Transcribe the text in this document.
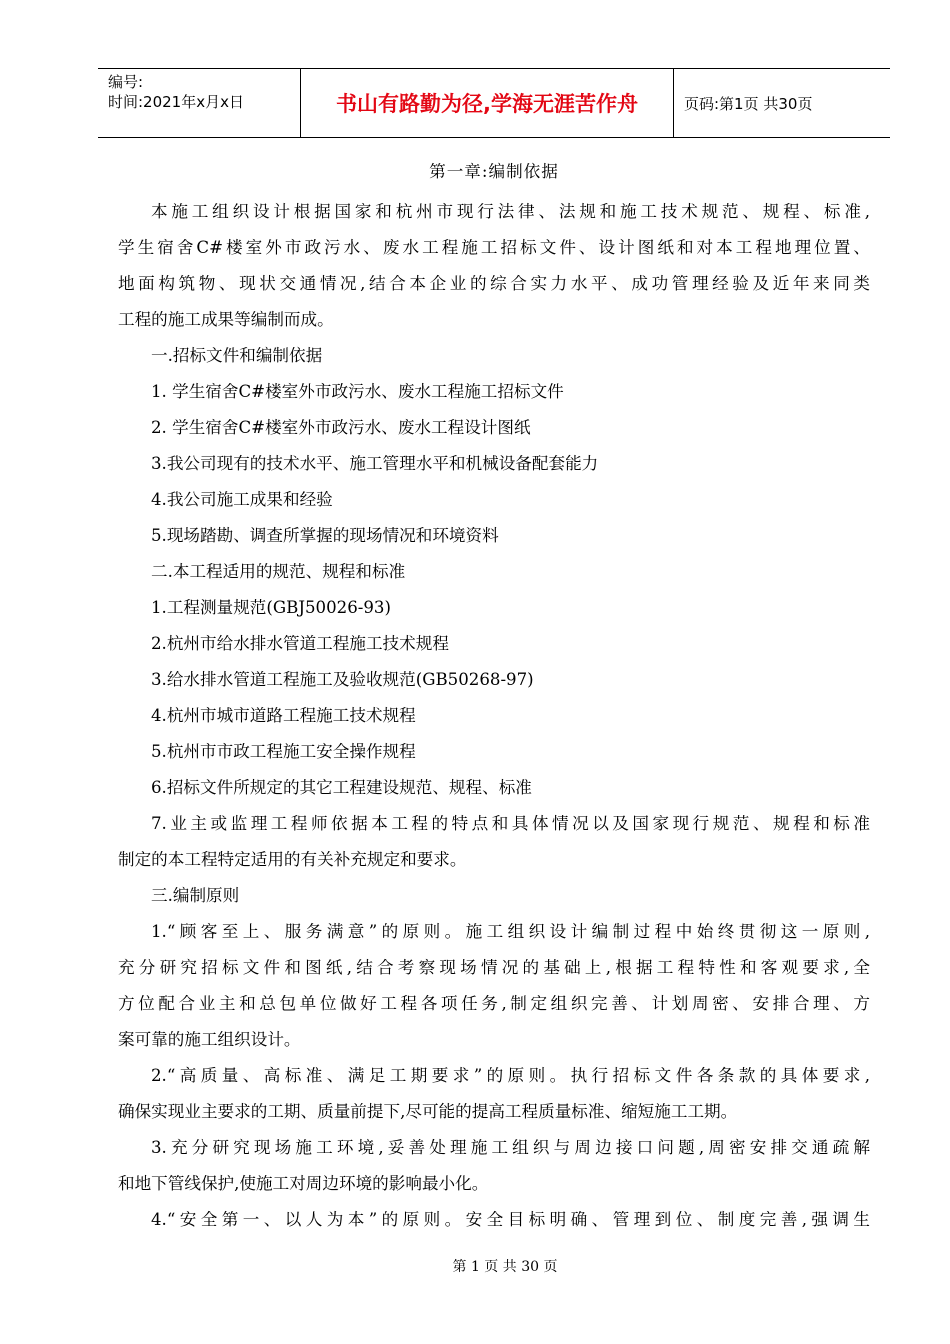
编号:
时间:2021年x月x日	书山有路勤为径,学海无涯苦作舟	页码:第1页 共30页
第一章:编制依据
本施工组织设计根据国家和杭州市现行法律、法规和施工技术规范、规程、标准,
学生宿舍C#楼室外市政污水、废水工程施工招标文件、设计图纸和对本工程地理位置、
地面构筑物、现状交通情况,结合本企业的综合实力水平、成功管理经验及近年来同类
工程的施工成果等编制而成。
一.招标文件和编制依据
1. 学生宿舍C#楼室外市政污水、废水工程施工招标文件
2. 学生宿舍C#楼室外市政污水、废水工程设计图纸
3.我公司现有的技术水平、施工管理水平和机械设备配套能力
4.我公司施工成果和经验
5.现场踏勘、调查所掌握的现场情况和环境资料
二.本工程适用的规范、规程和标准
1.工程测量规范(GBJ50026-93)
2.杭州市给水排水管道工程施工技术规程
3.给水排水管道工程施工及验收规范(GB50268-97)
4.杭州市城市道路工程施工技术规程
5.杭州市市政工程施工安全操作规程
6.招标文件所规定的其它工程建设规范、规程、标准
7.业主或监理工程师依据本工程的特点和具体情况以及国家现行规范、规程和标准
制定的本工程特定适用的有关补充规定和要求。
三.编制原则
1.“顾客至上、服务满意”的原则。施工组织设计编制过程中始终贯彻这一原则,
充分研究招标文件和图纸,结合考察现场情况的基础上,根据工程特性和客观要求,全
方位配合业主和总包单位做好工程各项任务,制定组织完善、计划周密、安排合理、方
案可靠的施工组织设计。
2.“高质量、高标准、满足工期要求”的原则。执行招标文件各条款的具体要求,
确保实现业主要求的工期、质量前提下,尽可能的提高工程质量标准、缩短施工工期。
3.充分研究现场施工环境,妥善处理施工组织与周边接口问题,周密安排交通疏解
和地下管线保护,使施工对周边环境的影响最小化。
4.“安全第一、以人为本”的原则。安全目标明确、管理到位、制度完善,强调生
第 1 页 共 30 页
